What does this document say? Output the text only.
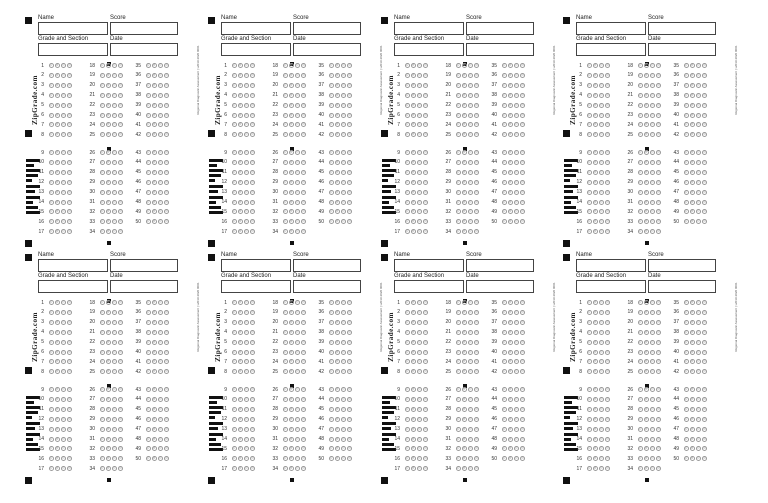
Name	Score
Grade and Section	Date
ZipGrade.com	Regional Diagnostic Assessment | v2019 2020 0001
1	A	B	C	D
2	A	B	C	D
3	A	B	C	D
4	A	B	C	D
5	A	B	C	D
6	A	B	C	D
7	A	B	C	D
8	A	B	C	D
18	A	B	C	D
19	A	B	C	D
20	A	B	C	D
21	A	B	C	D
22	A	B	C	D
23	A	B	C	D
24	A	B	C	D
25	A	B	C	D
35	A	B	C	D
36	A	B	C	D
37	A	B	C	D
38	A	B	C	D
39	A	B	C	D
40	A	B	C	D
41	A	B	C	D
42	A	B	C	D
9	A	B	C	D
10	A	B	C	D
11	A	B	C	D
12	A	B	C	D
13	A	B	C	D
14	A	B	C	D
15	A	B	C	D
16	A	B	C	D
17	A	B	C	D
26	A	B	C	D
27	A	B	C	D
28	A	B	C	D
29	A	B	C	D
30	A	B	C	D
31	A	B	C	D
32	A	B	C	D
33	A	B	C	D
34	A	B	C	D
43	A	B	C	D
44	A	B	C	D
45	A	B	C	D
46	A	B	C	D
47	A	B	C	D
48	A	B	C	D
49	A	B	C	D
50	A	B	C	D
Name	Score
Grade and Section	Date
ZipGrade.com	Regional Diagnostic Assessment | v2019 2020 0001
1	A	B	C	D
2	A	B	C	D
3	A	B	C	D
4	A	B	C	D
5	A	B	C	D
6	A	B	C	D
7	A	B	C	D
8	A	B	C	D
18	A	B	C	D
19	A	B	C	D
20	A	B	C	D
21	A	B	C	D
22	A	B	C	D
23	A	B	C	D
24	A	B	C	D
25	A	B	C	D
35	A	B	C	D
36	A	B	C	D
37	A	B	C	D
38	A	B	C	D
39	A	B	C	D
40	A	B	C	D
41	A	B	C	D
42	A	B	C	D
9	A	B	C	D
10	A	B	C	D
11	A	B	C	D
12	A	B	C	D
13	A	B	C	D
14	A	B	C	D
15	A	B	C	D
16	A	B	C	D
17	A	B	C	D
26	A	B	C	D
27	A	B	C	D
28	A	B	C	D
29	A	B	C	D
30	A	B	C	D
31	A	B	C	D
32	A	B	C	D
33	A	B	C	D
34	A	B	C	D
43	A	B	C	D
44	A	B	C	D
45	A	B	C	D
46	A	B	C	D
47	A	B	C	D
48	A	B	C	D
49	A	B	C	D
50	A	B	C	D
Name	Score
Grade and Section	Date
ZipGrade.com	Regional Diagnostic Assessment | v2019 2020 0001
1	A	B	C	D
2	A	B	C	D
3	A	B	C	D
4	A	B	C	D
5	A	B	C	D
6	A	B	C	D
7	A	B	C	D
8	A	B	C	D
18	A	B	C	D
19	A	B	C	D
20	A	B	C	D
21	A	B	C	D
22	A	B	C	D
23	A	B	C	D
24	A	B	C	D
25	A	B	C	D
35	A	B	C	D
36	A	B	C	D
37	A	B	C	D
38	A	B	C	D
39	A	B	C	D
40	A	B	C	D
41	A	B	C	D
42	A	B	C	D
9	A	B	C	D
10	A	B	C	D
11	A	B	C	D
12	A	B	C	D
13	A	B	C	D
14	A	B	C	D
15	A	B	C	D
16	A	B	C	D
17	A	B	C	D
26	A	B	C	D
27	A	B	C	D
28	A	B	C	D
29	A	B	C	D
30	A	B	C	D
31	A	B	C	D
32	A	B	C	D
33	A	B	C	D
34	A	B	C	D
43	A	B	C	D
44	A	B	C	D
45	A	B	C	D
46	A	B	C	D
47	A	B	C	D
48	A	B	C	D
49	A	B	C	D
50	A	B	C	D
Name	Score
Grade and Section	Date
ZipGrade.com	Regional Diagnostic Assessment | v2019 2020 0001
1	A	B	C	D
2	A	B	C	D
3	A	B	C	D
4	A	B	C	D
5	A	B	C	D
6	A	B	C	D
7	A	B	C	D
8	A	B	C	D
18	A	B	C	D
19	A	B	C	D
20	A	B	C	D
21	A	B	C	D
22	A	B	C	D
23	A	B	C	D
24	A	B	C	D
25	A	B	C	D
35	A	B	C	D
36	A	B	C	D
37	A	B	C	D
38	A	B	C	D
39	A	B	C	D
40	A	B	C	D
41	A	B	C	D
42	A	B	C	D
9	A	B	C	D
10	A	B	C	D
11	A	B	C	D
12	A	B	C	D
13	A	B	C	D
14	A	B	C	D
15	A	B	C	D
16	A	B	C	D
17	A	B	C	D
26	A	B	C	D
27	A	B	C	D
28	A	B	C	D
29	A	B	C	D
30	A	B	C	D
31	A	B	C	D
32	A	B	C	D
33	A	B	C	D
34	A	B	C	D
43	A	B	C	D
44	A	B	C	D
45	A	B	C	D
46	A	B	C	D
47	A	B	C	D
48	A	B	C	D
49	A	B	C	D
50	A	B	C	D
Name	Score
Grade and Section	Date
ZipGrade.com	Regional Diagnostic Assessment | v2019 2020 0001
1	A	B	C	D
2	A	B	C	D
3	A	B	C	D
4	A	B	C	D
5	A	B	C	D
6	A	B	C	D
7	A	B	C	D
8	A	B	C	D
18	A	B	C	D
19	A	B	C	D
20	A	B	C	D
21	A	B	C	D
22	A	B	C	D
23	A	B	C	D
24	A	B	C	D
25	A	B	C	D
35	A	B	C	D
36	A	B	C	D
37	A	B	C	D
38	A	B	C	D
39	A	B	C	D
40	A	B	C	D
41	A	B	C	D
42	A	B	C	D
9	A	B	C	D
10	A	B	C	D
11	A	B	C	D
12	A	B	C	D
13	A	B	C	D
14	A	B	C	D
15	A	B	C	D
16	A	B	C	D
17	A	B	C	D
26	A	B	C	D
27	A	B	C	D
28	A	B	C	D
29	A	B	C	D
30	A	B	C	D
31	A	B	C	D
32	A	B	C	D
33	A	B	C	D
34	A	B	C	D
43	A	B	C	D
44	A	B	C	D
45	A	B	C	D
46	A	B	C	D
47	A	B	C	D
48	A	B	C	D
49	A	B	C	D
50	A	B	C	D
Name	Score
Grade and Section	Date
ZipGrade.com	Regional Diagnostic Assessment | v2019 2020 0001
1	A	B	C	D
2	A	B	C	D
3	A	B	C	D
4	A	B	C	D
5	A	B	C	D
6	A	B	C	D
7	A	B	C	D
8	A	B	C	D
18	A	B	C	D
19	A	B	C	D
20	A	B	C	D
21	A	B	C	D
22	A	B	C	D
23	A	B	C	D
24	A	B	C	D
25	A	B	C	D
35	A	B	C	D
36	A	B	C	D
37	A	B	C	D
38	A	B	C	D
39	A	B	C	D
40	A	B	C	D
41	A	B	C	D
42	A	B	C	D
9	A	B	C	D
10	A	B	C	D
11	A	B	C	D
12	A	B	C	D
13	A	B	C	D
14	A	B	C	D
15	A	B	C	D
16	A	B	C	D
17	A	B	C	D
26	A	B	C	D
27	A	B	C	D
28	A	B	C	D
29	A	B	C	D
30	A	B	C	D
31	A	B	C	D
32	A	B	C	D
33	A	B	C	D
34	A	B	C	D
43	A	B	C	D
44	A	B	C	D
45	A	B	C	D
46	A	B	C	D
47	A	B	C	D
48	A	B	C	D
49	A	B	C	D
50	A	B	C	D
Name	Score
Grade and Section	Date
ZipGrade.com	Regional Diagnostic Assessment | v2019 2020 0001
1	A	B	C	D
2	A	B	C	D
3	A	B	C	D
4	A	B	C	D
5	A	B	C	D
6	A	B	C	D
7	A	B	C	D
8	A	B	C	D
18	A	B	C	D
19	A	B	C	D
20	A	B	C	D
21	A	B	C	D
22	A	B	C	D
23	A	B	C	D
24	A	B	C	D
25	A	B	C	D
35	A	B	C	D
36	A	B	C	D
37	A	B	C	D
38	A	B	C	D
39	A	B	C	D
40	A	B	C	D
41	A	B	C	D
42	A	B	C	D
9	A	B	C	D
10	A	B	C	D
11	A	B	C	D
12	A	B	C	D
13	A	B	C	D
14	A	B	C	D
15	A	B	C	D
16	A	B	C	D
17	A	B	C	D
26	A	B	C	D
27	A	B	C	D
28	A	B	C	D
29	A	B	C	D
30	A	B	C	D
31	A	B	C	D
32	A	B	C	D
33	A	B	C	D
34	A	B	C	D
43	A	B	C	D
44	A	B	C	D
45	A	B	C	D
46	A	B	C	D
47	A	B	C	D
48	A	B	C	D
49	A	B	C	D
50	A	B	C	D
Name	Score
Grade and Section	Date
ZipGrade.com	Regional Diagnostic Assessment | v2019 2020 0001
1	A	B	C	D
2	A	B	C	D
3	A	B	C	D
4	A	B	C	D
5	A	B	C	D
6	A	B	C	D
7	A	B	C	D
8	A	B	C	D
18	A	B	C	D
19	A	B	C	D
20	A	B	C	D
21	A	B	C	D
22	A	B	C	D
23	A	B	C	D
24	A	B	C	D
25	A	B	C	D
35	A	B	C	D
36	A	B	C	D
37	A	B	C	D
38	A	B	C	D
39	A	B	C	D
40	A	B	C	D
41	A	B	C	D
42	A	B	C	D
9	A	B	C	D
10	A	B	C	D
11	A	B	C	D
12	A	B	C	D
13	A	B	C	D
14	A	B	C	D
15	A	B	C	D
16	A	B	C	D
17	A	B	C	D
26	A	B	C	D
27	A	B	C	D
28	A	B	C	D
29	A	B	C	D
30	A	B	C	D
31	A	B	C	D
32	A	B	C	D
33	A	B	C	D
34	A	B	C	D
43	A	B	C	D
44	A	B	C	D
45	A	B	C	D
46	A	B	C	D
47	A	B	C	D
48	A	B	C	D
49	A	B	C	D
50	A	B	C	D
